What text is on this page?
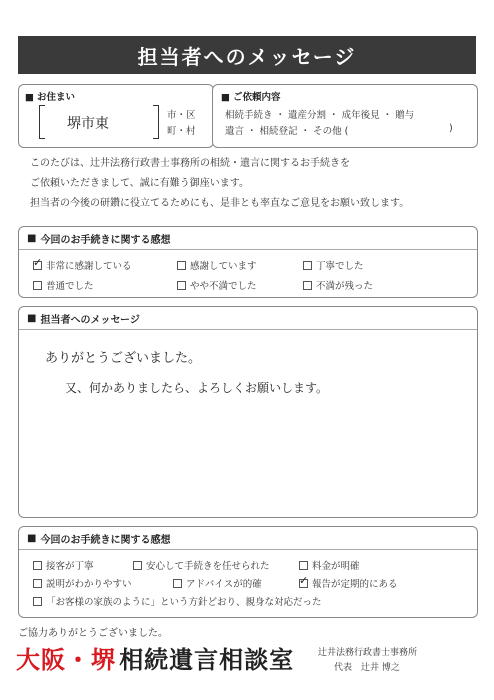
担当者へのメッセージ
■ お住まい
堺市東
市・区
町・村
■ ご依頼内容
相続手続き ・ 遺産分割 ・ 成年後見 ・ 贈与
遺言 ・ 相続登記 ・ その他 (	)
このたびは、辻井法務行政書士事務所の相続・遺言に関するお手続きを
ご依頼いただきまして、誠に有難う御座います。
担当者の今後の研鑽に役立てるためにも、是非とも率直なご意見をお願い致します。
■ 今回のお手続きに関する感想
✓
非常に感謝している	感謝しています	丁寧でした
普通でした	やや不満でした	不満が残った
■ 担当者へのメッセージ
ありがとうございました。
又、何かありましたら、よろしくお願いします。
■ 今回のお手続きに関する感想
接客が丁寧	安心して手続きを任せられた	料金が明確
説明がわかりやすい	アドバイスが的確
✓	報告が定期的にある
「お客様の家族のように」という方針どおり、親身な対応だった
ご協力ありがとうございました。
大阪・堺 相続遺言相談室	辻井法務行政書士事務所
代表　辻井 博之
